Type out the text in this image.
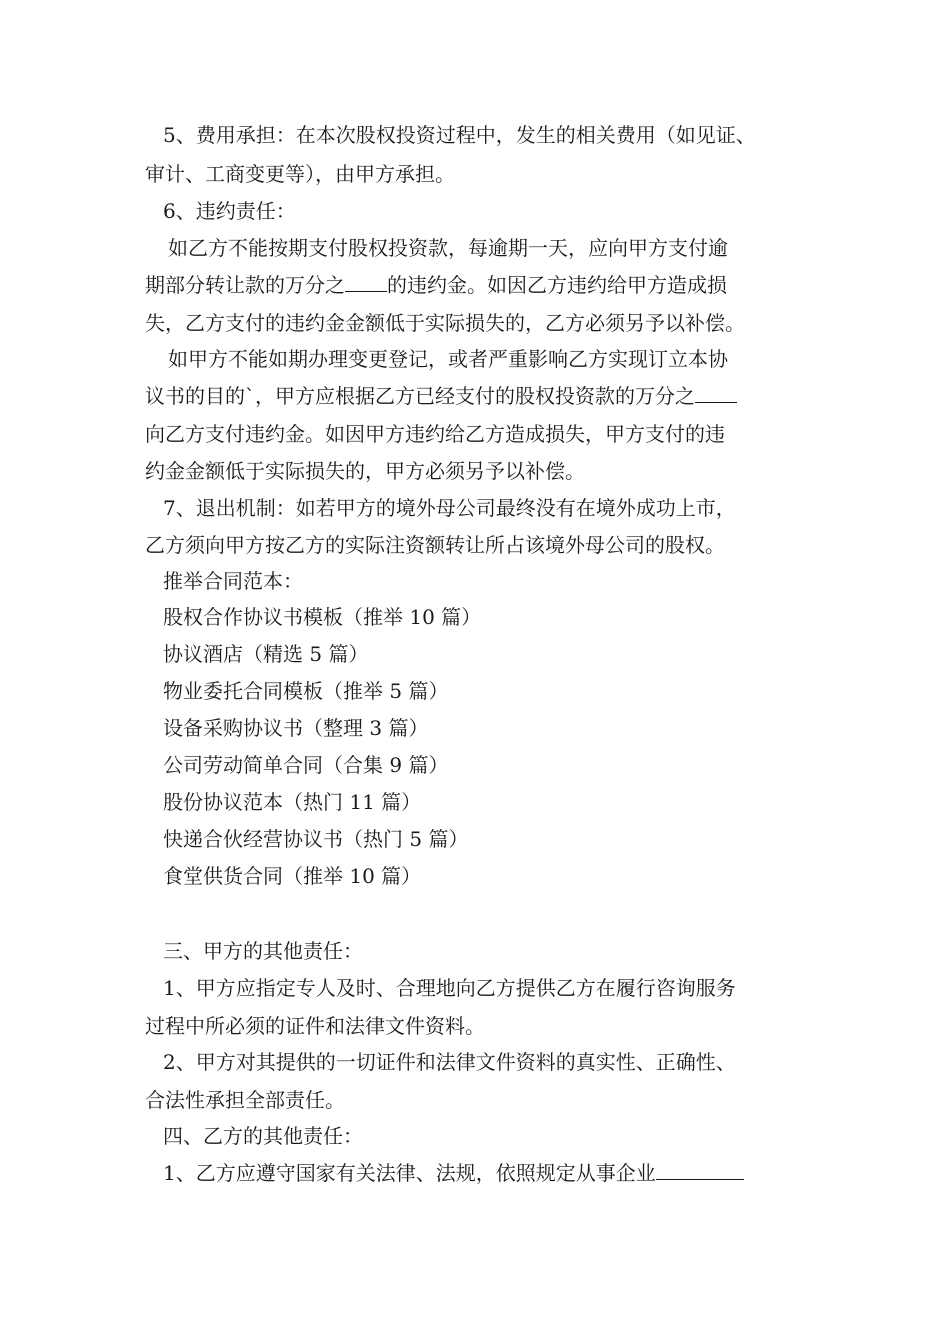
5、费用承担：在本次股权投资过程中，发生的相关费用（如见证、
审计、工商变更等），由甲方承担。
6、违约责任：
如乙方不能按期支付股权投资款，每逾期一天，应向甲方支付逾
期部分转让款的万分之 的违约金。如因乙方违约给甲方造成损
失，乙方支付的违约金金额低于实际损失的，乙方必须另予以补偿。
如甲方不能如期办理变更登记，或者严重影响乙方实现订立本协
议书的目的`，甲方应根据乙方已经支付的股权投资款的万分之
向乙方支付违约金。如因甲方违约给乙方造成损失，甲方支付的违
约金金额低于实际损失的，甲方必须另予以补偿。
7、退出机制：如若甲方的境外母公司最终没有在境外成功上市，
乙方须向甲方按乙方的实际注资额转让所占该境外母公司的股权。
推举合同范本：
股权合作协议书模板（推举 10 篇）
协议酒店（精选 5 篇）
物业委托合同模板（推举 5 篇）
设备采购协议书（整理 3 篇）
公司劳动简单合同（合集 9 篇）
股份协议范本（热门 11 篇）
快递合伙经营协议书（热门 5 篇）
食堂供货合同（推举 10 篇）
三、甲方的其他责任：
1、甲方应指定专人及时、合理地向乙方提供乙方在履行咨询服务
过程中所必须的证件和法律文件资料。
2、甲方对其提供的一切证件和法律文件资料的真实性、正确性、
合法性承担全部责任。
四、乙方的其他责任：
1、乙方应遵守国家有关法律、法规，依照规定从事企业
